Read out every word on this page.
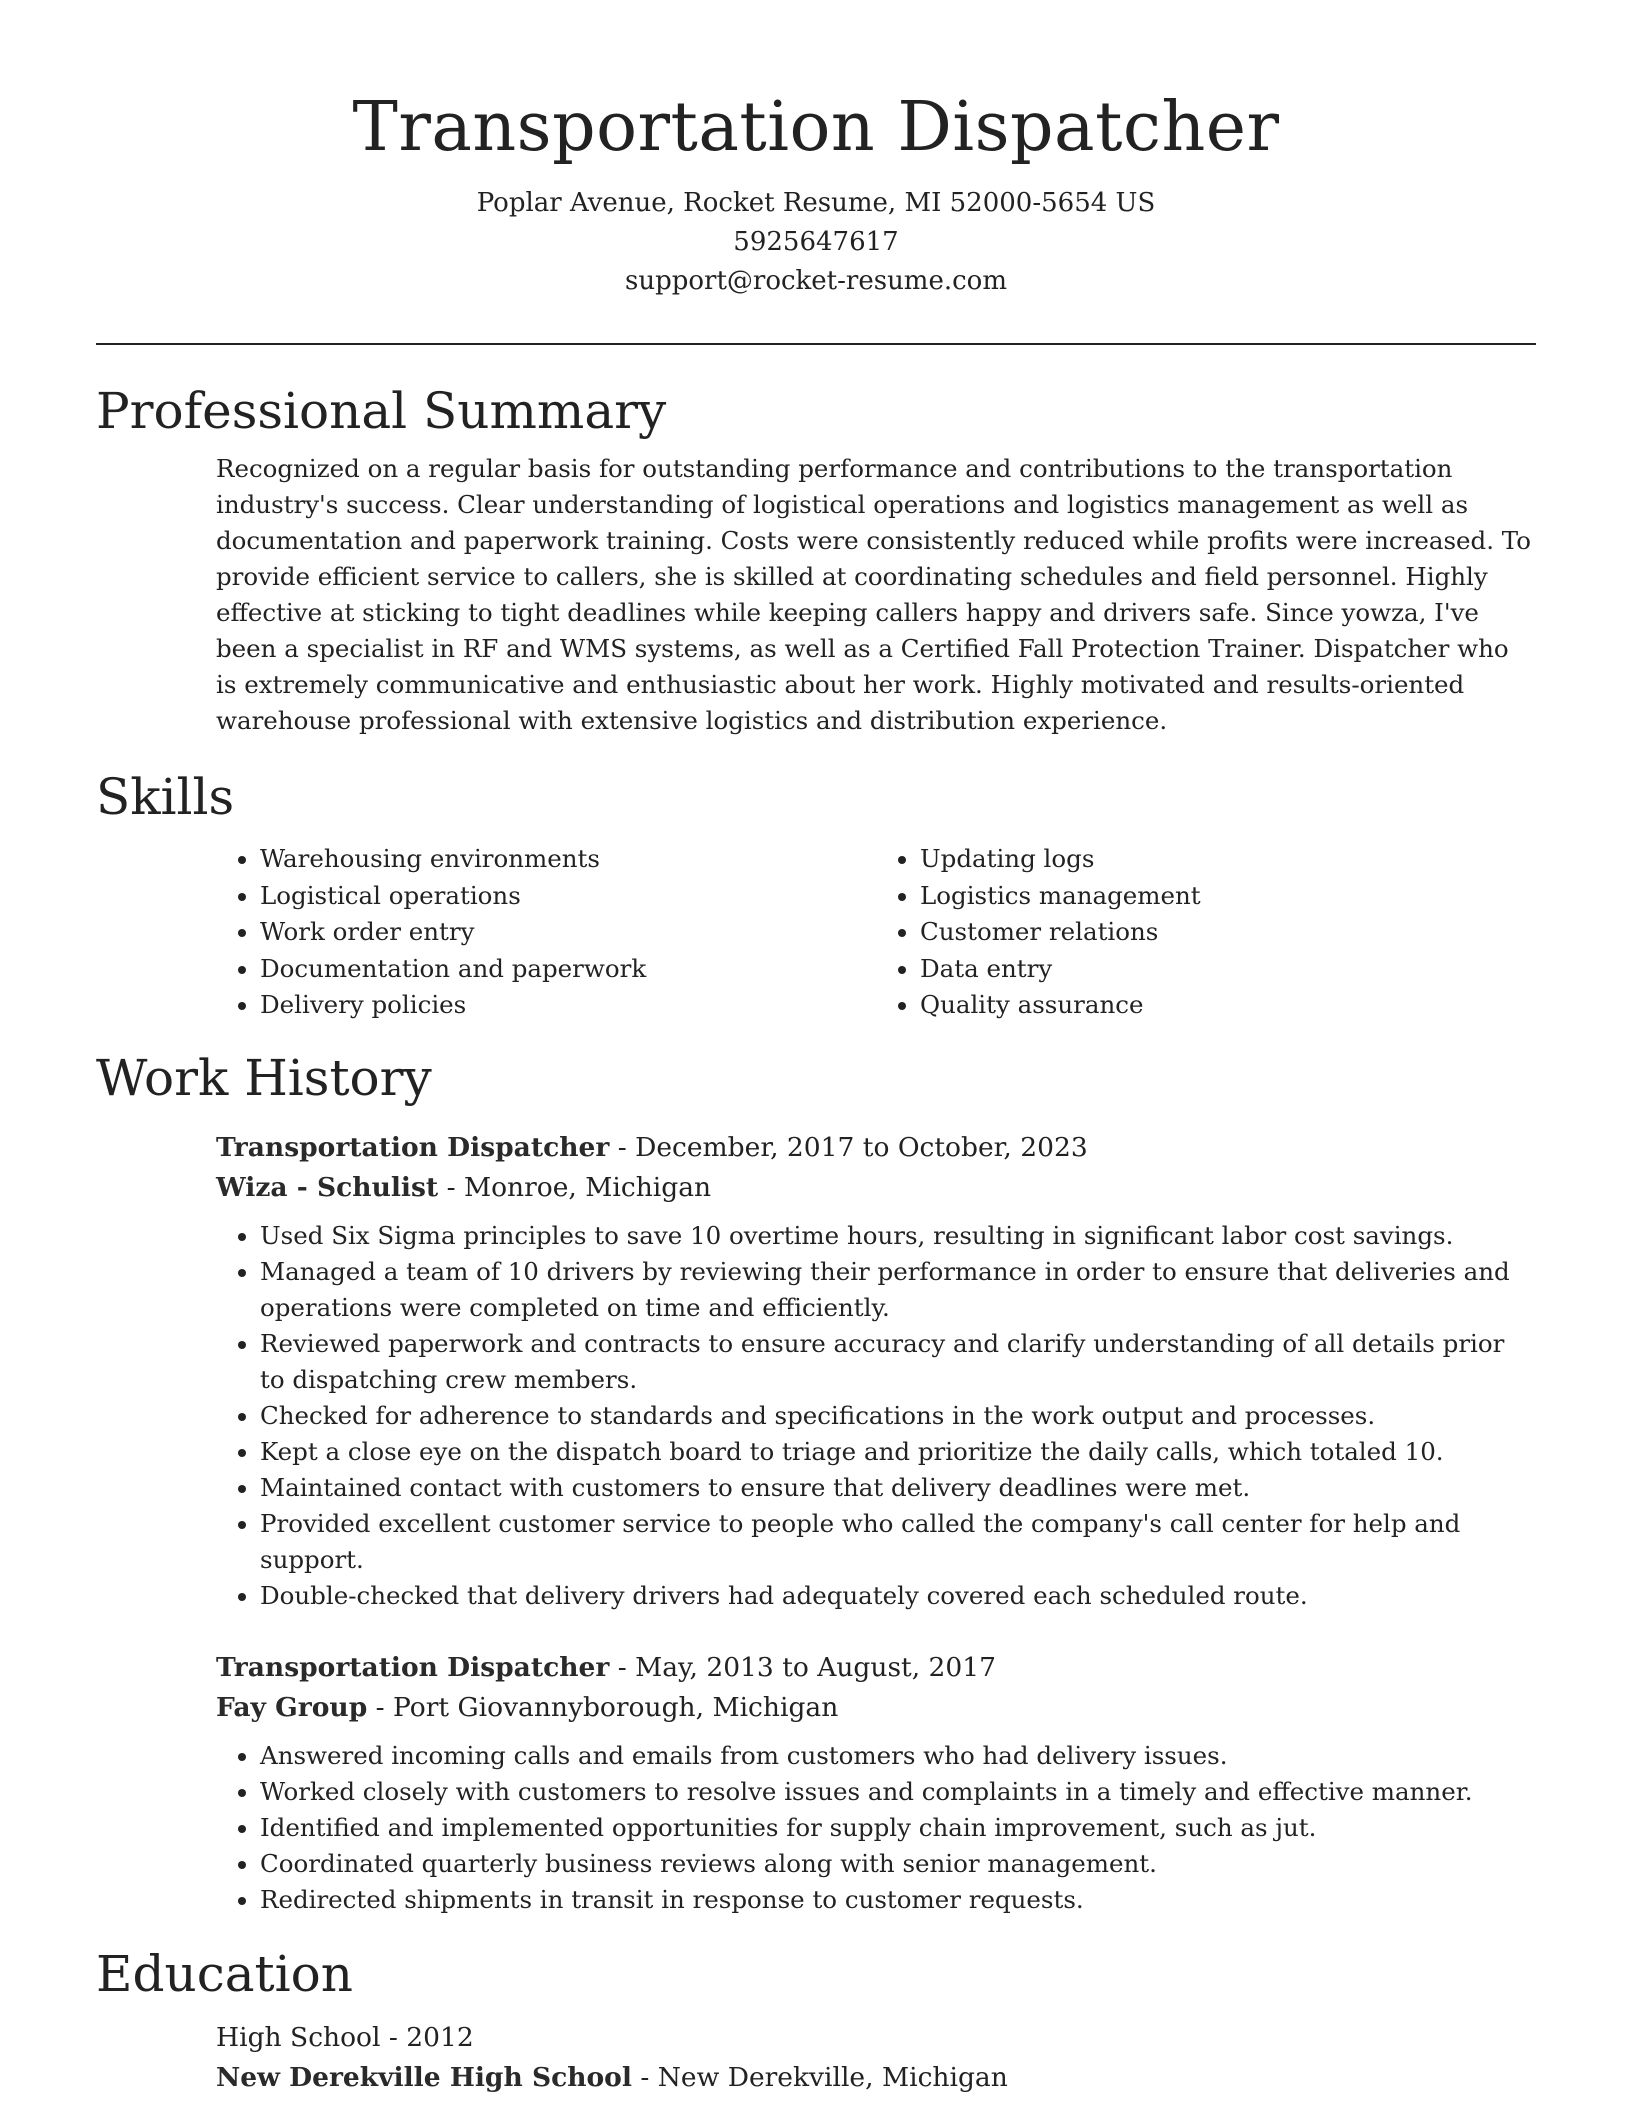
Transportation Dispatcher

Poplar Avenue, Rocket Resume, MI 52000-5654 US

5925647617

support@rocket-resume.com

Professional Summary

Recognized on a regular basis for outstanding performance and contributions to the transportation industry's success. Clear understanding of logistical operations and logistics management as well as documentation and paperwork training. Costs were consistently reduced while profits were increased. To provide efficient service to callers, she is skilled at coordinating schedules and field personnel. Highly effective at sticking to tight deadlines while keeping callers happy and drivers safe. Since yowza, I've been a specialist in RF and WMS systems, as well as a Certified Fall Protection Trainer. Dispatcher who is extremely communicative and enthusiastic about her work. Highly motivated and results-oriented warehouse professional with extensive logistics and distribution experience.

Skills
• Warehousing environments
• Logistical operations
• Work order entry
• Documentation and paperwork
• Delivery policies
• Updating logs
• Logistics management
• Customer relations
• Data entry
• Quality assurance
Work History

Transportation Dispatcher - December, 2017 to October, 2023

Wiza - Schulist - Monroe, Michigan

• Used Six Sigma principles to save 10 overtime hours, resulting in significant labor cost savings.
• Managed a team of 10 drivers by reviewing their performance in order to ensure that deliveries and operations were completed on time and efficiently.
• Reviewed paperwork and contracts to ensure accuracy and clarify understanding of all details prior to dispatching crew members.
• Checked for adherence to standards and specifications in the work output and processes.
• Kept a close eye on the dispatch board to triage and prioritize the daily calls, which totaled 10.
• Maintained contact with customers to ensure that delivery deadlines were met.
• Provided excellent customer service to people who called the company's call center for help and support.
• Double-checked that delivery drivers had adequately covered each scheduled route.

Transportation Dispatcher - May, 2013 to August, 2017

Fay Group - Port Giovannyborough, Michigan

• Answered incoming calls and emails from customers who had delivery issues.
• Worked closely with customers to resolve issues and complaints in a timely and effective manner.
• Identified and implemented opportunities for supply chain improvement, such as jut.
• Coordinated quarterly business reviews along with senior management.
• Redirected shipments in transit in response to customer requests.
Education

High School - 2012

New Derekville High School - New Derekville, Michigan
